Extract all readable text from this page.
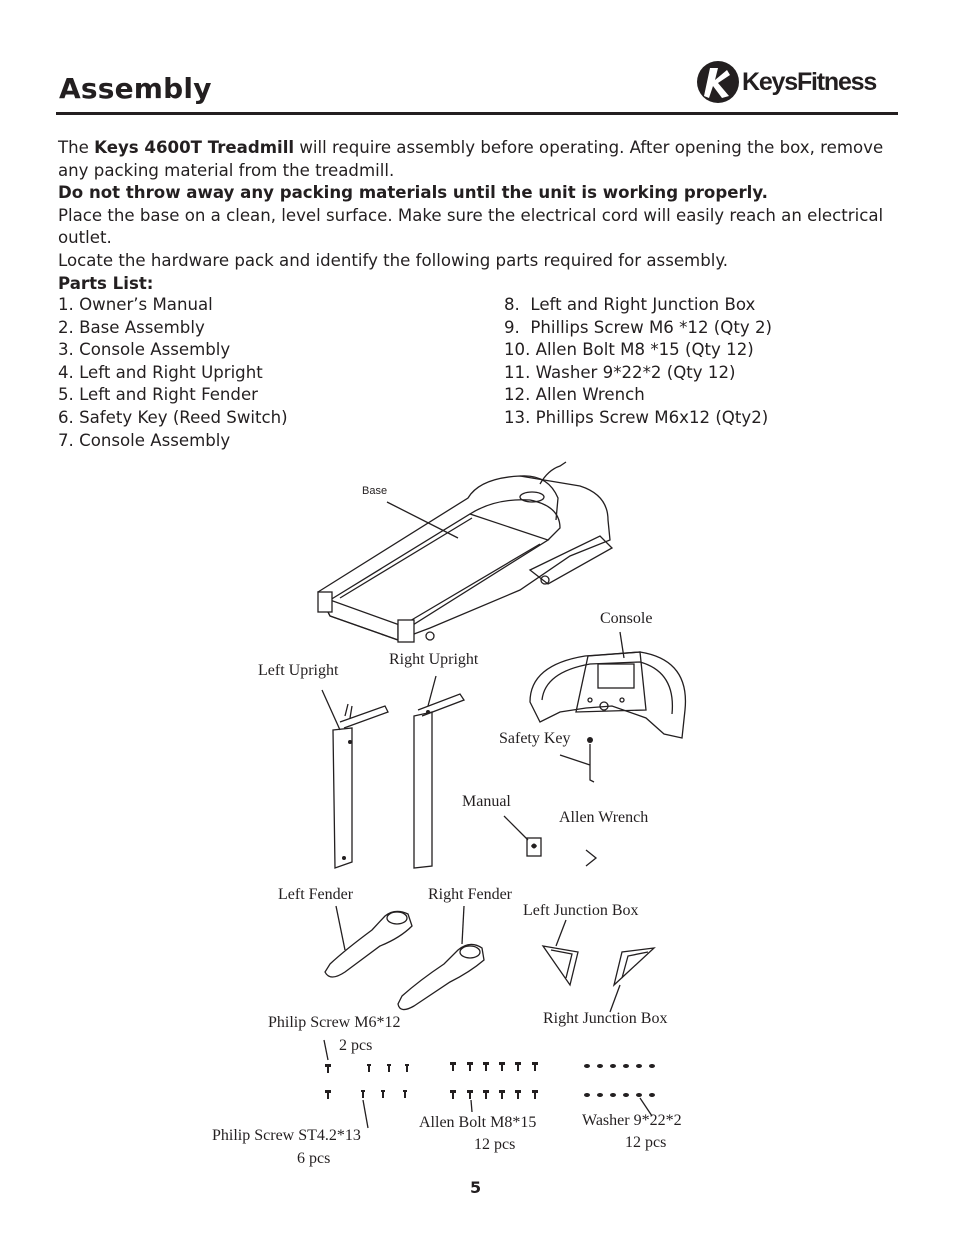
Assembly	KeysFitness

The Keys 4600T Treadmill will require assembly before operating. After opening the box, remove any packing material from the treadmill.

Do not throw away any packing materials until the unit is working properly.

Place the base on a clean, level surface. Make sure the electrical cord will easily reach an electrical outlet.

Locate the hardware pack and identify the following parts required for assembly.

Parts List:

1. Owner’s Manual
2. Base Assembly
3. Console Assembly
4. Left and Right Upright
5. Left and Right Fender
6. Safety Key (Reed Switch)
7. Console Assembly
8.  Left and Right Junction Box
9.  Phillips Screw M6 *12 (Qty 2)
10. Allen Bolt M8 *15 (Qty 12)
11. Washer 9*22*2 (Qty 12)
12. Allen Wrench
13. Phillips Screw M6x12 (Qty2)
Base
Console
Left Upright
Right Upright
Safety Key
Manual
Allen Wrench
Left Fender	Right Fender
Left Junction Box
Right Junction Box
Philip Screw M6*12
2 pcs
Philip Screw ST4.2*13
6 pcs
Allen Bolt M8*15
12 pcs
Washer 9*22*2
12 pcs
5
